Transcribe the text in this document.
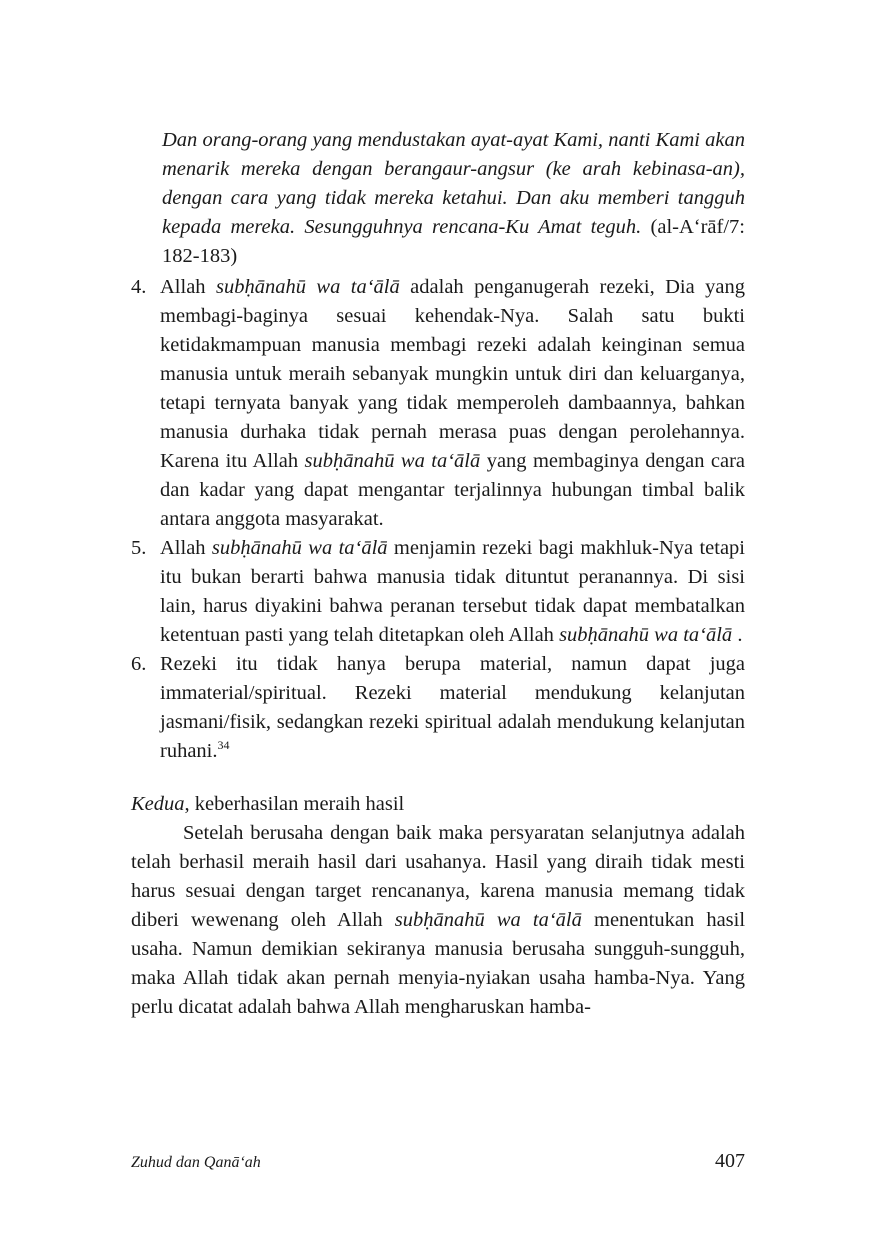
Dan orang-orang yang mendustakan ayat-ayat Kami, nanti Kami akan menarik mereka dengan berangaur-angsur (ke arah kebinasa-an), dengan cara yang tidak mereka ketahui. Dan aku memberi tangguh kepada mereka. Sesungguhnya rencana-Ku Amat teguh. (al-A‘rāf/7: 182-183)
4. Allah subḥānahū wa ta‘ālā adalah penganugerah rezeki, Dia yang membagi-baginya sesuai kehendak-Nya. Salah satu bukti ketidakmampuan manusia membagi rezeki adalah keinginan semua manusia untuk meraih sebanyak mungkin untuk diri dan keluarganya, tetapi ternyata banyak yang tidak memperoleh dambaannya, bahkan manusia durhaka tidak pernah merasa puas dengan perolehannya. Karena itu Allah subḥānahū wa ta‘ālā yang membaginya dengan cara dan kadar yang dapat mengantar terjalinnya hubungan timbal balik antara anggota masyarakat.
5. Allah subḥānahū wa ta‘ālā menjamin rezeki bagi makhluk-Nya tetapi itu bukan berarti bahwa manusia tidak dituntut peranannya. Di sisi lain, harus diyakini bahwa peranan tersebut tidak dapat membatalkan ketentuan pasti yang telah ditetapkan oleh Allah subḥānahū wa ta‘ālā .
6. Rezeki itu tidak hanya berupa material, namun dapat juga immaterial/spiritual. Rezeki material mendukung kelanjutan jasmani/fisik, sedangkan rezeki spiritual adalah mendukung kelanjutan ruhani.$^{34}$
Kedua, keberhasilan meraih hasil
Setelah berusaha dengan baik maka persyaratan selanjutnya adalah telah berhasil meraih hasil dari usahanya. Hasil yang diraih tidak mesti harus sesuai dengan target rencananya, karena manusia memang tidak diberi wewenang oleh Allah subḥānahū wa ta‘ālā menentukan hasil usaha. Namun demikian sekiranya manusia berusaha sungguh-sungguh, maka Allah tidak akan pernah menyia-nyiakan usaha hamba-Nya. Yang perlu dicatat adalah bahwa Allah mengharuskan hamba-
Zuhud dan Qanā‘ah	407
